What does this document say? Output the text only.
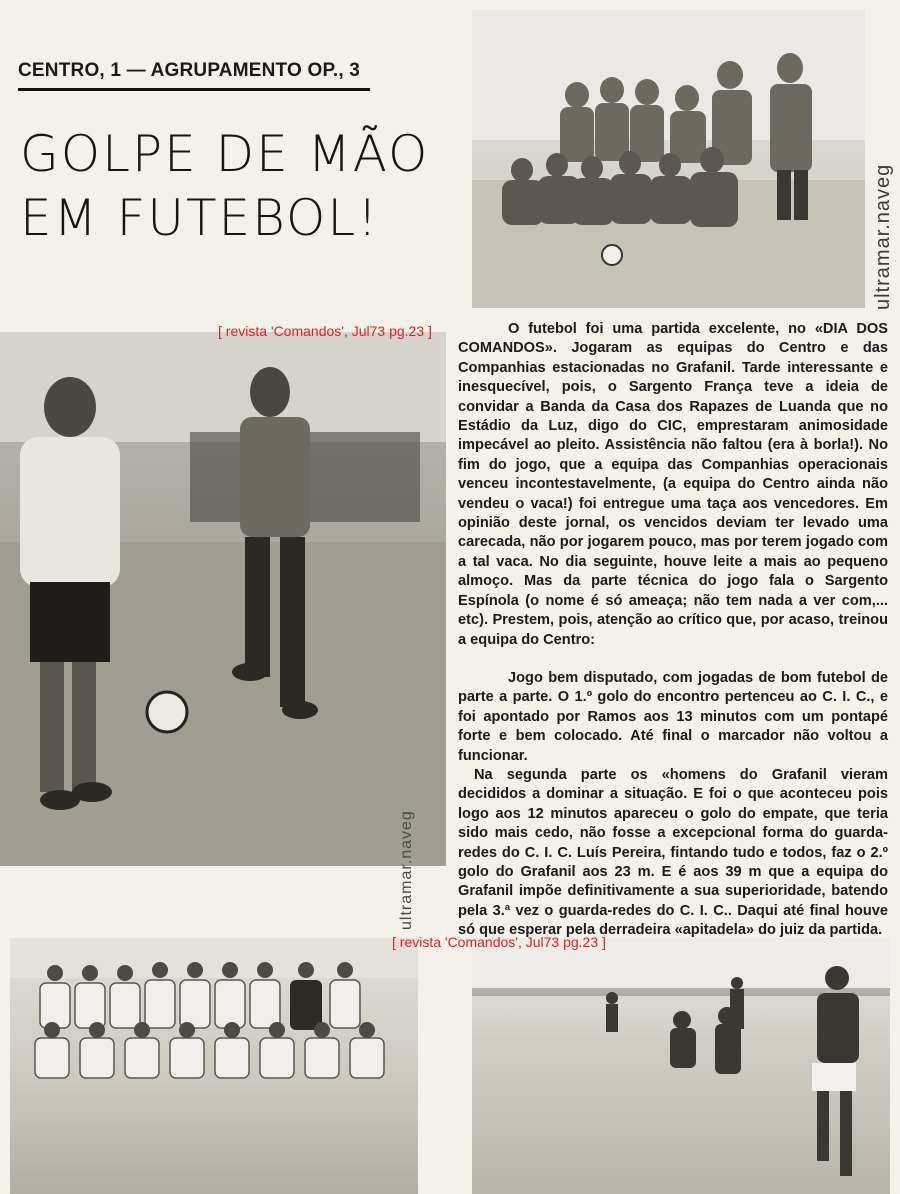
CENTRO, 1 — AGRUPAMENTO OP., 3
GOLPE DE MÃO
EM FUTEBOL!
[ revista 'Comandos', Jul73 pg.23 ]
[ revista 'Comandos', Jul73 pg.23 ]
ultramar.naveg
ultramar.naveg

O futebol foi uma partida excelente, no «DIA DOS COMANDOS». Jogaram as equipas do Centro e das Companhias estacionadas no Grafanil. Tarde interessante e inesquecível, pois, o Sargento França teve a ideia de convidar a Banda da Casa dos Rapazes de Luanda que no Estádio da Luz, digo do CIC, emprestaram animosidade impecável ao pleito. Assistência não faltou (era à borla!). No fim do jogo, que a equipa das Companhias operacionais venceu incontestavelmente, (a equipa do Centro ainda não vendeu o vaca!) foi entregue uma taça aos vencedores. Em opinião deste jornal, os vencidos deviam ter levado uma carecada, não por jogarem pouco, mas por terem jogado com a tal vaca. No dia seguinte, houve leite a mais ao pequeno almoço. Mas da parte técnica do jogo fala o Sargento Espínola (o nome é só ameaça; não tem nada a ver com,... etc). Prestem, pois, atenção ao crítico que, por acaso, treinou a equipa do Centro:

Jogo bem disputado, com jogadas de bom futebol de parte a parte. O 1.º golo do encontro pertenceu ao C. I. C., e foi apontado por Ramos aos 13 minutos com um pontapé forte e bem colocado. Até final o marcador não voltou a funcionar.

Na segunda parte os «homens do Grafanil vieram decididos a dominar a situação. E foi o que aconteceu pois logo aos 12 minutos apareceu o golo do empate, que teria sido mais cedo, não fosse a excepcional forma do guarda-redes do C. I. C. Luís Pereira, fintando tudo e todos, faz o 2.º golo do Grafanil aos 23 m. E é aos 39 m que a equipa do Grafanil impõe definitivamente a sua superioridade, batendo pela 3.ª vez o guarda-redes do C. I. C.. Daqui até final houve só que esperar pela derradeira «apitadela» do juiz da partida.
